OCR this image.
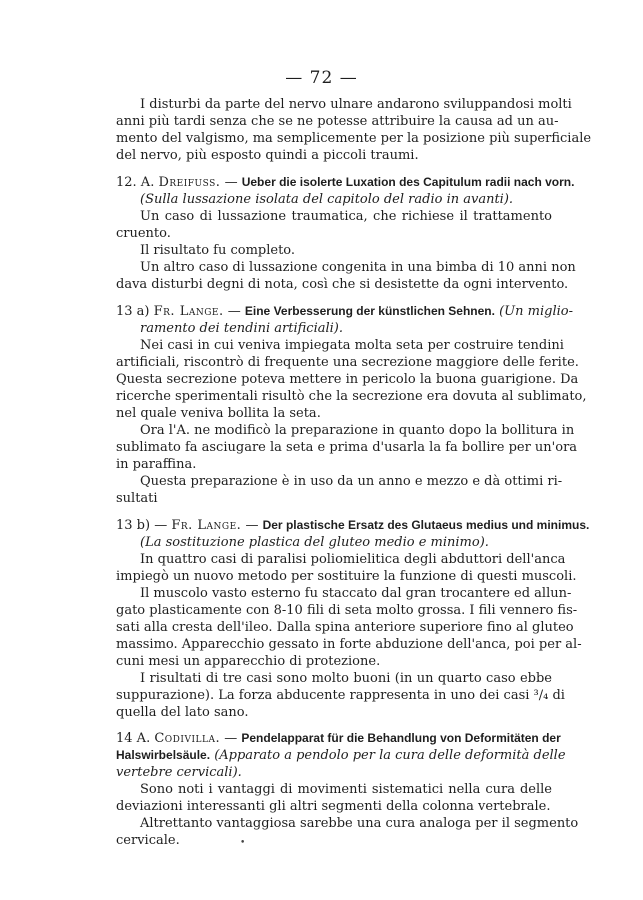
— 72 —
I disturbi da parte del nervo ulnare andarono sviluppandosi molti
anni più tardi senza che se ne potesse attribuire la causa ad un au-
mento del valgismo, ma semplicemente per la posizione più superficiale
del nervo, più esposto quindi a piccoli traumi.
12. A. Dreifuss. — Ueber die isolerte Luxation des Capitulum radii nach vorn.
(Sulla lussazione isolata del capitolo del radio in avanti).
Un caso di lussazione traumatica, che richiese il trattamento
cruento.
Il risultato fu completo.
Un altro caso di lussazione congenita in una bimba di 10 anni non
dava disturbi degni di nota, così che si desistette da ogni intervento.
13 a) Fr. Lange. — Eine Verbesserung der künstlichen Sehnen. (Un miglio-
ramento dei tendini artificiali).
Nei casi in cui veniva impiegata molta seta per costruire tendini
artificiali, riscontrò di frequente una secrezione maggiore delle ferite.
Questa secrezione poteva mettere in pericolo la buona guarigione. Da
ricerche sperimentali risultò che la secrezione era dovuta al sublimato,
nel quale veniva bollita la seta.
Ora l'A. ne modificò la preparazione in quanto dopo la bollitura in
sublimato fa asciugare la seta e prima d'usarla la fa bollire per un'ora
in paraffina.
Questa preparazione è in uso da un anno e mezzo e dà ottimi ri-
sultati
13 b) — Fr. Lange. — Der plastische Ersatz des Glutaeus medius und minimus.
(La sostituzione plastica del gluteo medio e minimo).
In quattro casi di paralisi poliomielitica degli abduttori dell'anca
impiegò un nuovo metodo per sostituire la funzione di questi muscoli.
Il muscolo vasto esterno fu staccato dal gran trocantere ed allun-
gato plasticamente con 8-10 fili di seta molto grossa. I fili vennero fis-
sati alla cresta dell'ileo. Dalla spina anteriore superiore fino al gluteo
massimo. Apparecchio gessato in forte abduzione dell'anca, poi per al-
cuni mesi un apparecchio di protezione.
I risultati di tre casi sono molto buoni (in un quarto caso ebbe
suppurazione). La forza abducente rappresenta in uno dei casi ³/₄ di
quella del lato sano.
14 A. Codivilla. — Pendelapparat für die Behandlung von Deformitäten der
Halswirbelsäule. (Apparato a pendolo per la cura delle deformità delle
vertebre cervicali).
Sono noti i vantaggi di movimenti sistematici nella cura delle
deviazioni interessanti gli altri segmenti della colonna vertebrale.
Altrettanto vantaggiosa sarebbe una cura analoga per il segmento
cervicale.	•
